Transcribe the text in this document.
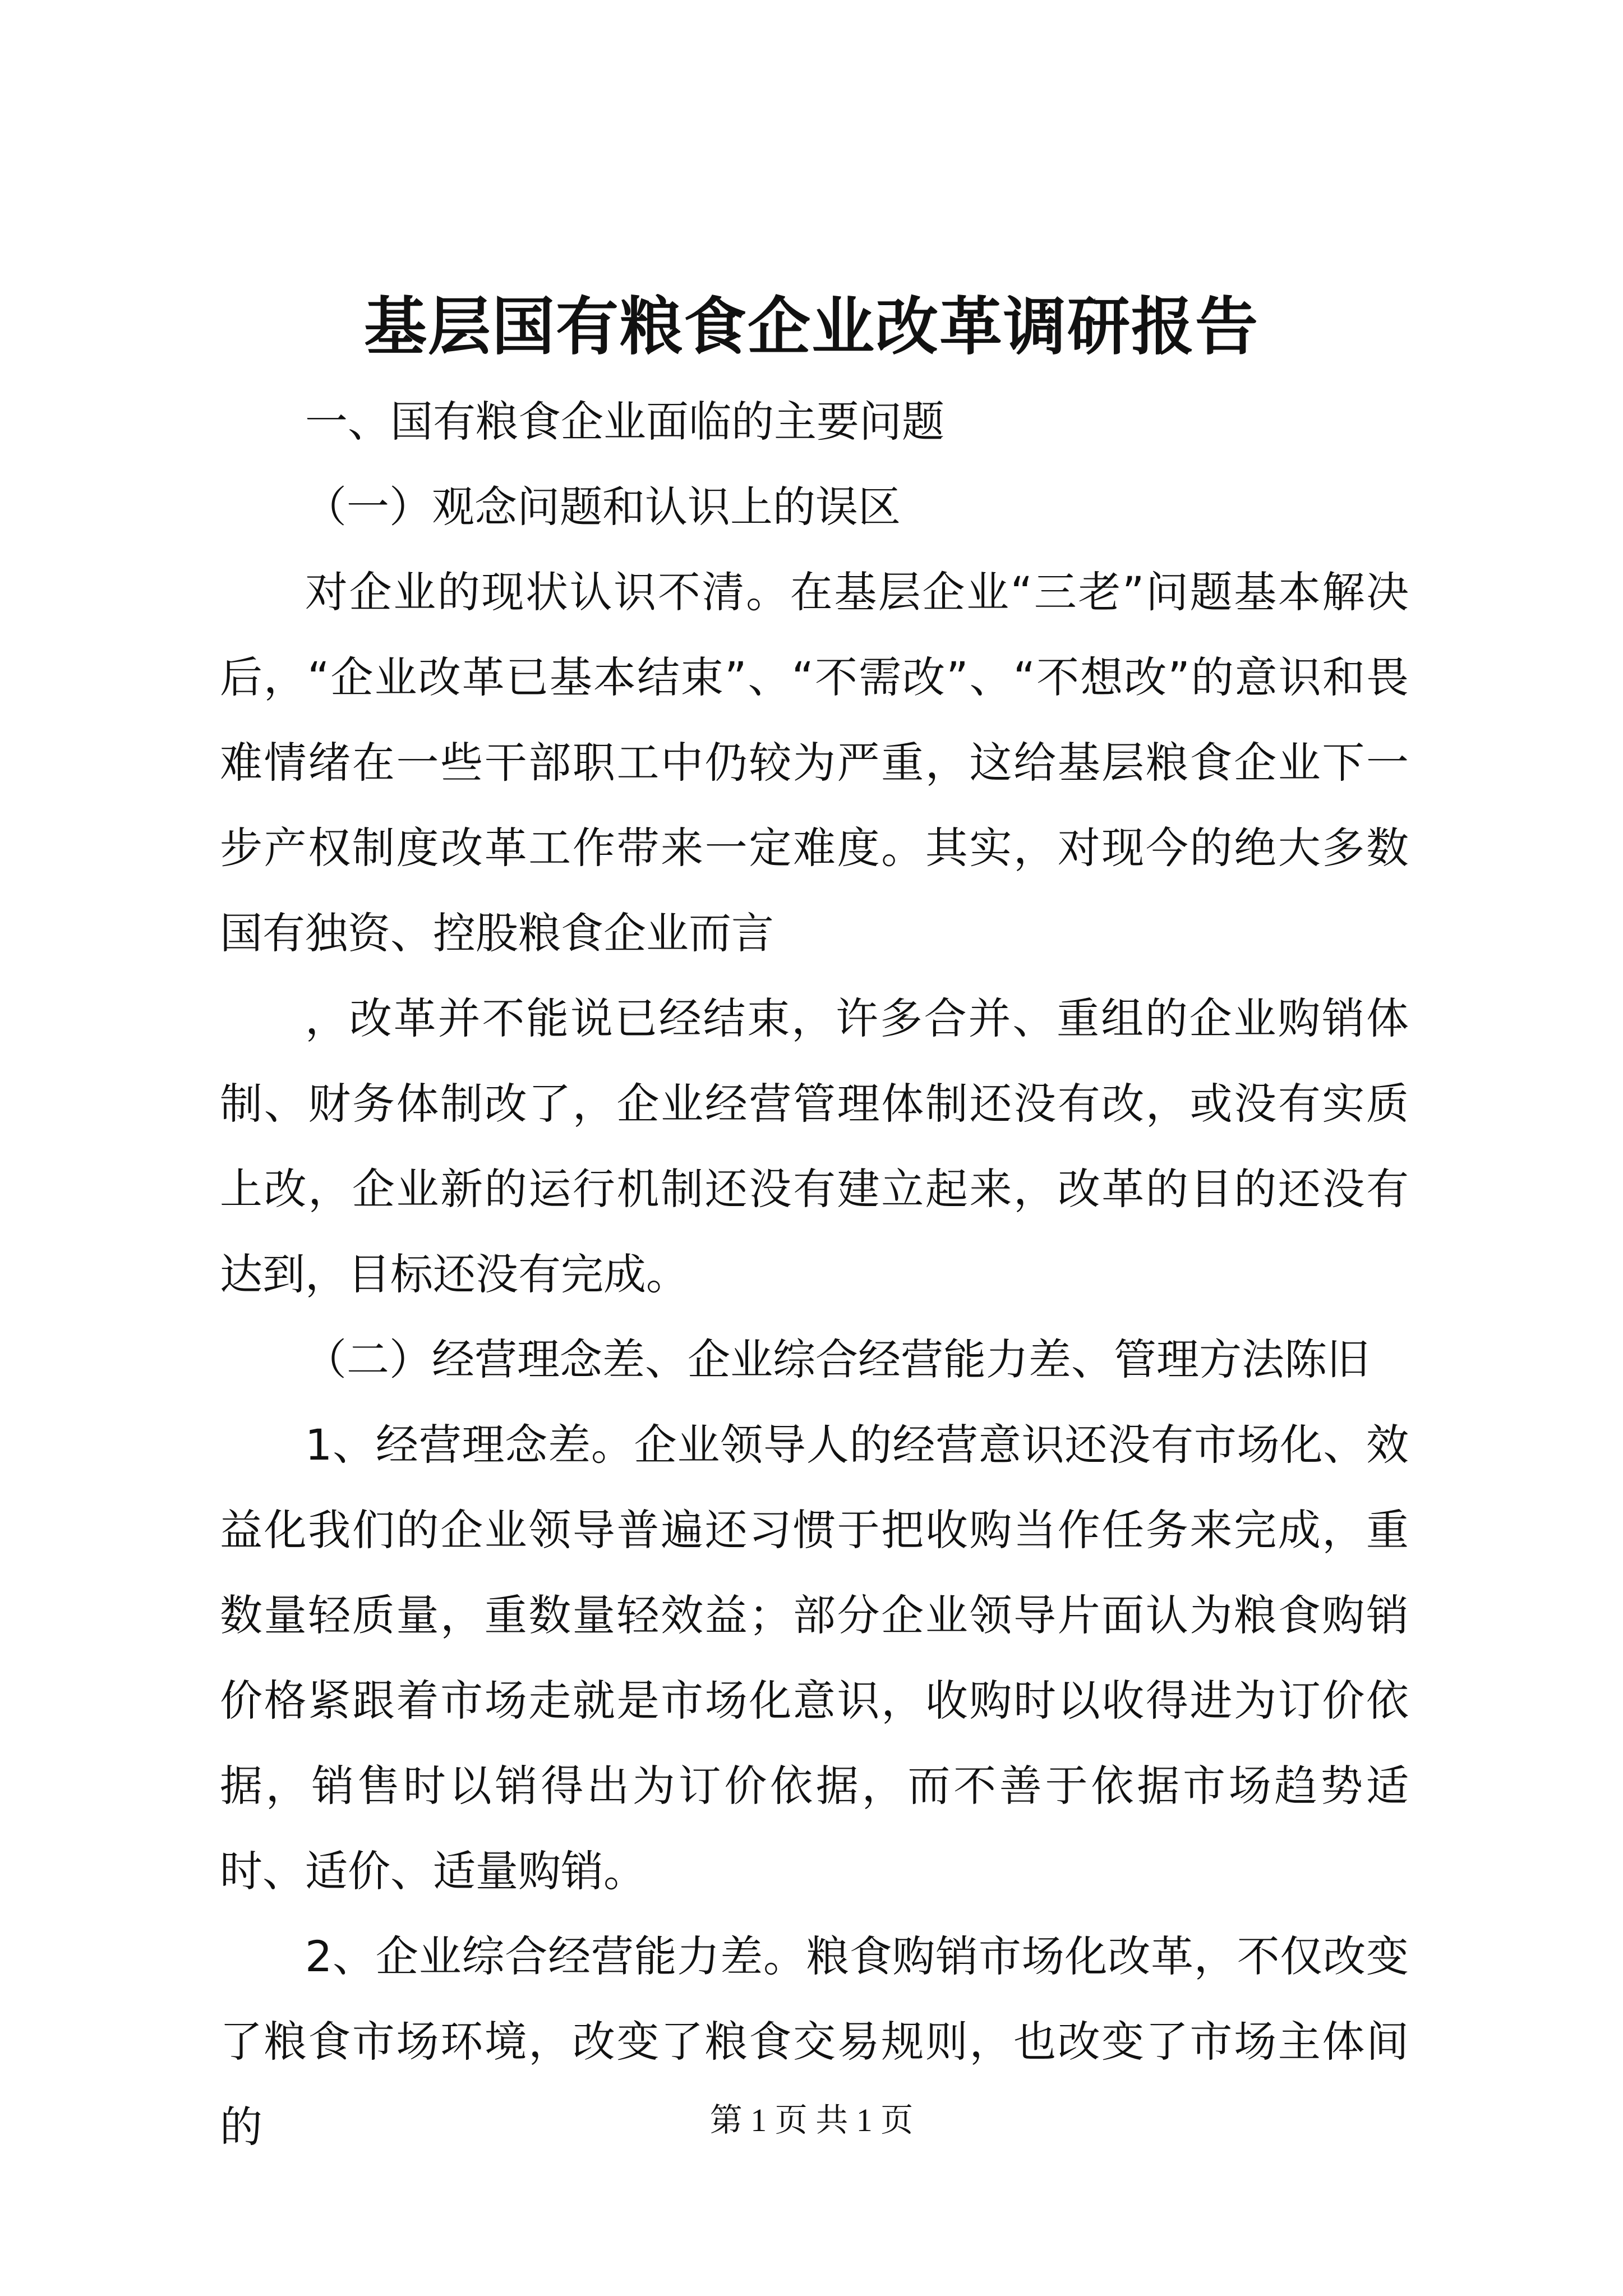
基层国有粮食企业改革调研报告

一、国有粮食企业面临的主要问题

（一）观念问题和认识上的误区

对企业的现状认识不清。在基层企业“三老”问题基本解决后，“企业改革已基本结束”、“不需改”、“不想改”的意识和畏难情绪在一些干部职工中仍较为严重，这给基层粮食企业下一步产权制度改革工作带来一定难度。其实，对现今的绝大多数国有独资、控股粮食企业而言

，改革并不能说已经结束，许多合并、重组的企业购销体制、财务体制改了，企业经营管理体制还没有改，或没有实质上改，企业新的运行机制还没有建立起来，改革的目的还没有达到，目标还没有完成。

（二）经营理念差、企业综合经营能力差、管理方法陈旧

1、经营理念差。企业领导人的经营意识还没有市场化、效益化我们的企业领导普遍还习惯于把收购当作任务来完成，重数量轻质量，重数量轻效益；部分企业领导片面认为粮食购销价格紧跟着市场走就是市场化意识，收购时以收得进为订价依据，销售时以销得出为订价依据，而不善于依据市场趋势适时、适价、适量购销。

2、企业综合经营能力差。粮食购销市场化改革，不仅改变了粮食市场环境，改变了粮食交易规则，也改变了市场主体间的	第 1 页 共 1 页
